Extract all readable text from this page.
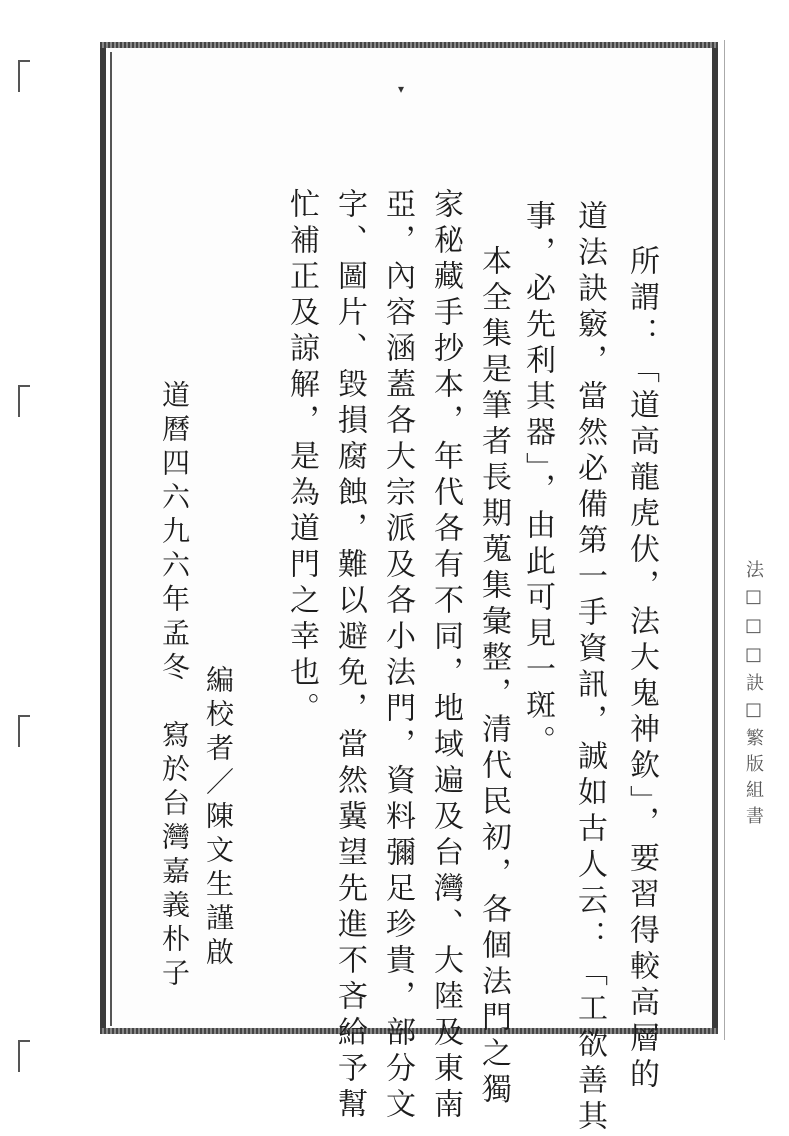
▾
所謂：「道高龍虎伏，法大鬼神欽」，要習得較高層的
道法訣竅，當然必備第一手資訊，誠如古人云：「工欲善其
事，必先利其器」，由此可見一斑。
本全集是筆者長期蒐集彙整，清代民初，各個法門之獨
家秘藏手抄本，年代各有不同，地域遍及台灣、大陸及東南
亞，內容涵蓋各大宗派及各小法門，資料彌足珍貴，部分文
字、圖片、毀損腐蝕，難以避免，當然冀望先進不吝給予幫
忙補正及諒解，是為道門之幸也。
編校者／陳文生謹啟
道曆四六九六年孟冬　寫於台灣嘉義朴子	法□□□訣□繁版組書
